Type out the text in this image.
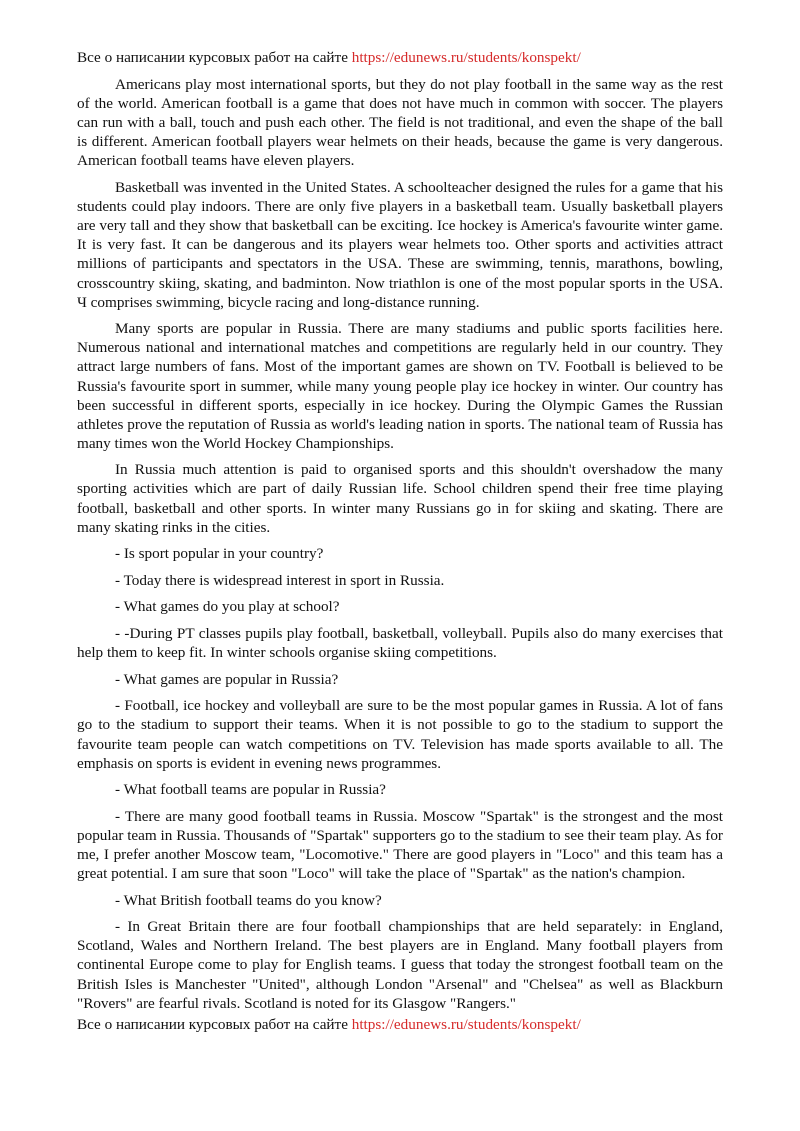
Все о написании курсовых работ на сайте https://edunews.ru/students/konspekt/

Americans play most international sports, but they do not play football in the same way as the rest of the world. American football is a game that does not have much in common with soccer. The players can run with a ball, touch and push each other. The field is not traditional, and even the shape of the ball is different. American football players wear helmets on their heads, because the game is very dangerous. American football teams have eleven players.

Basketball was invented in the United States. A schoolteacher designed the rules for a game that his students could play indoors. There are only five players in a basketball team. Usually basketball players are very tall and they show that basketball can be exciting. Ice hockey is America's favourite winter game. It is very fast. It can be dangerous and its players wear helmets too. Other sports and activities attract millions of participants and spectators in the USA. These are swimming, tennis, marathons, bowling, crosscountry skiing, skating, and badminton. Now triathlon is one of the most popular sports in the USA. Ч comprises swimming, bicycle racing and long-distance running.

Many sports are popular in Russia. There are many stadiums and public sports facilities here. Numerous national and international matches and competitions are regularly held in our country. They attract large numbers of fans. Most of the important games are shown on TV. Football is believed to be Russia's favourite sport in summer, while many young people play ice hockey in winter. Our country has been successful in different sports, especially in ice hockey. During the Olympic Games the Russian athletes prove the reputation of Russia as world's leading nation in sports. The national team of Russia has many times won the World Hockey Championships.

In Russia much attention is paid to organised sports and this shouldn't overshadow the many sporting activities which are part of daily Russian life. School children spend their free time playing football, basketball and other sports. In winter many Russians go in for skiing and skating. There are many skating rinks in the cities.

- Is sport popular in your country?

- Today there is widespread interest in sport in Russia.

- What games do you play at school?

- -During PT classes pupils play football, basketball, volleyball. Pupils also do many exercises that help them to keep fit. In winter schools organise skiing competitions.

- What games are popular in Russia?

- Football, ice hockey and volleyball are sure to be the most popular games in Russia. A lot of fans go to the stadium to support their teams. When it is not possible to go to the stadium to support the favourite team people can watch competitions on TV. Television has made sports available to all. The emphasis on sports is evident in evening news programmes.

- What football teams are popular in Russia?

- There are many good football teams in Russia. Moscow "Spartak" is the strongest and the most popular team in Russia. Thousands of "Spartak" supporters go to the stadium to see their team play. As for me, I prefer another Moscow team, "Locomotive." There are good players in "Loco" and this team has a great potential. I am sure that soon "Loco" will take the place of "Spartak" as the nation's champion.

- What British football teams do you know?

- In Great Britain there are four football championships that are held separately: in England, Scotland, Wales and Northern Ireland. The best players are in England. Many football players from continental Europe come to play for English teams. I guess that today the strongest football team on the British Isles is Manchester "United", although London "Arsenal" and "Chelsea" as well as Blackburn "Rovers" are fearful rivals. Scotland is noted for its Glasgow "Rangers."

Все о написании курсовых работ на сайте https://edunews.ru/students/konspekt/
